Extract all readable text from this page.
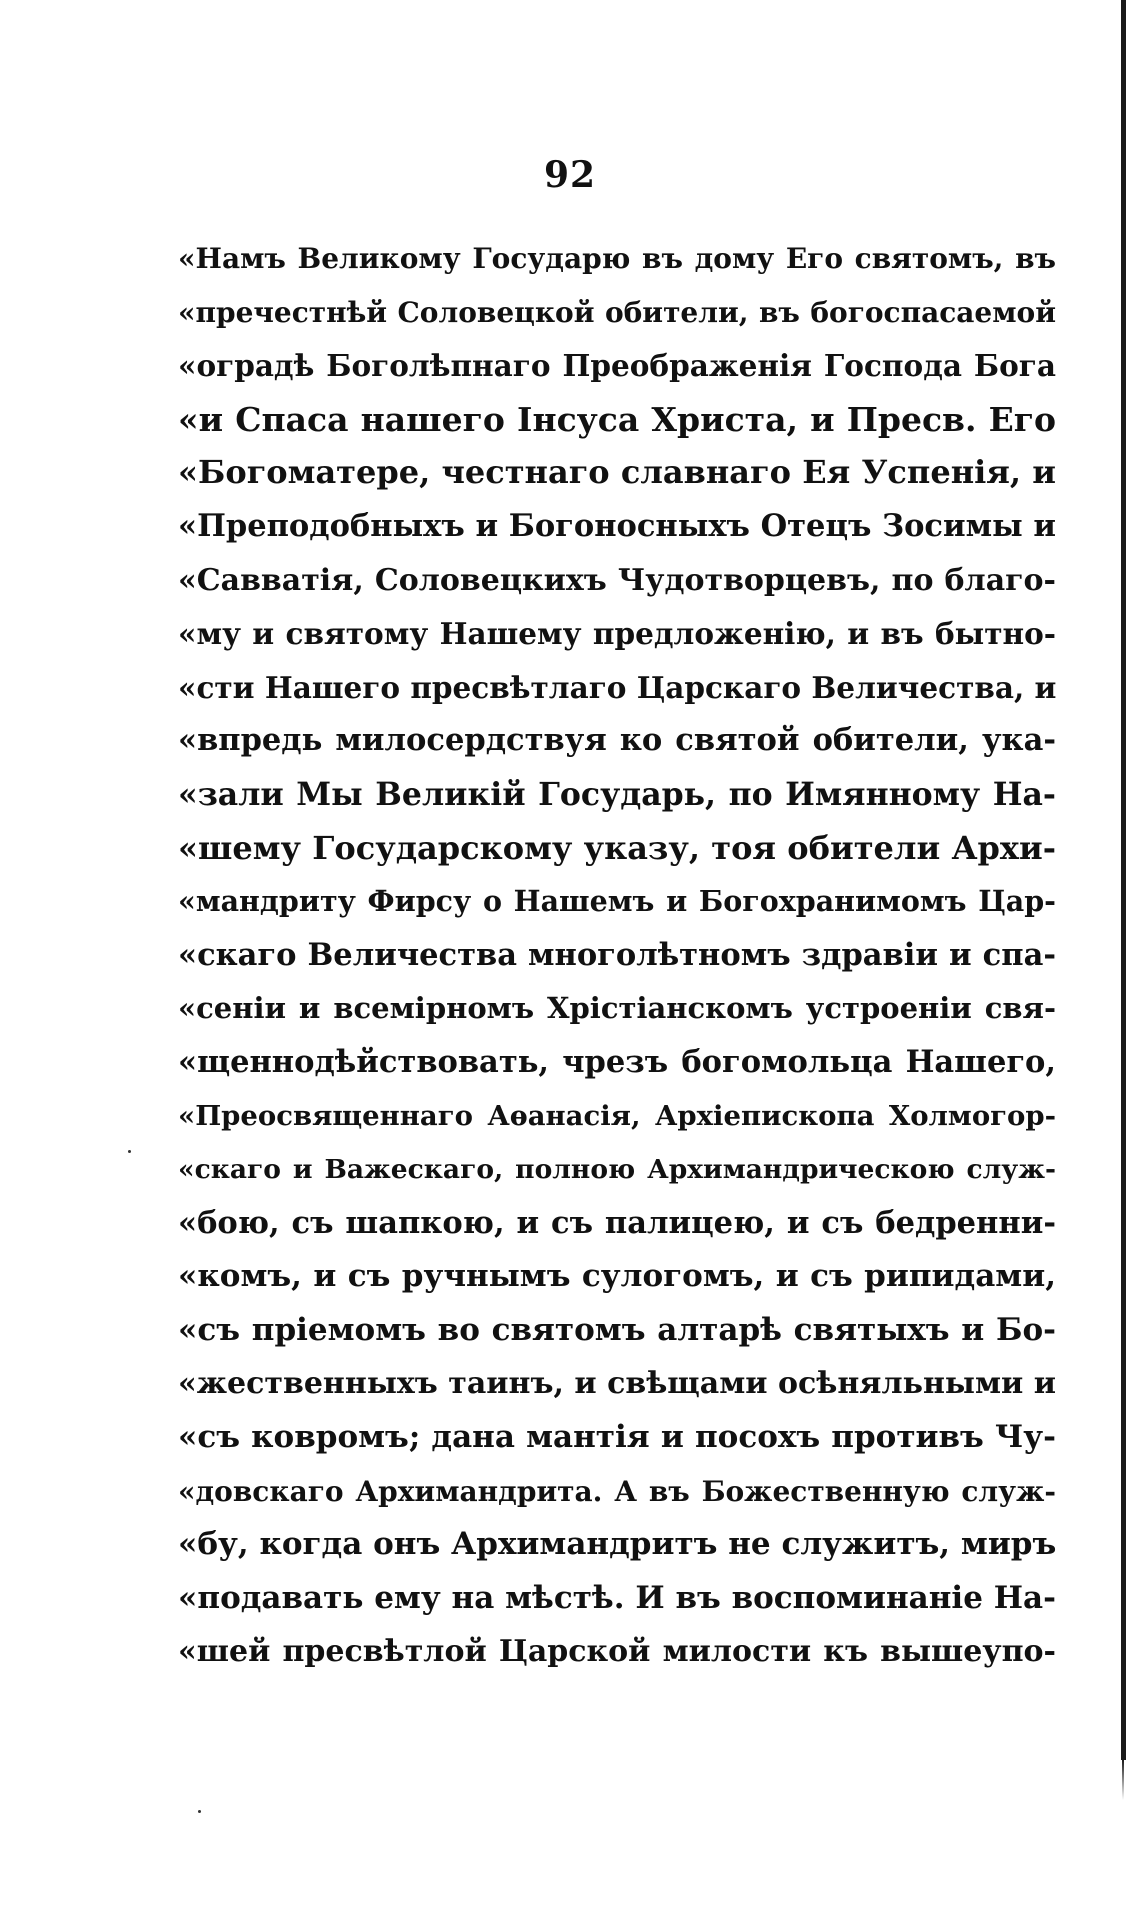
92
«Намъ Великому Государю въ дому Его святомъ, въ
«пречестнѣй Соловецкой обители, въ богоспасаемой
«оградѣ Боголѣпнаго Преображенія Господа Бога
«и Спаса нашего Інсуса Христа, и Пресв. Его
«Богоматере, честнаго славнаго Ея Успенія, и
«Преподобныхъ и Богоносныхъ Отецъ Зосимы и
«Савватія, Соловецкихъ Чудотворцевъ, по благо-
«му и святому Нашему предложенію, и въ бытно-
«сти Нашего пресвѣтлаго Царскаго Величества, и
«впредь милосердствуя ко святой обители, ука-
«зали Мы Великій Государь, по Имянному На-
«шему Государскому указу, тоя обители Архи-
«мандриту Фирсу о Нашемъ и Богохранимомъ Цар-
«скаго Величества многолѣтномъ здравіи и спа-
«сеніи и всемірномъ Хрістіанскомъ устроеніи свя-
«щеннодѣйствовать, чрезъ богомольца Нашего,
«Преосвященнаго Аѳанасія, Архіепископа Холмогор-
«скаго и Важескаго, полною Архимандрическою служ-
«бою, съ шапкою, и съ палицею, и съ бедренни-
«комъ, и съ ручнымъ сулогомъ, и съ рипидами,
«съ пріемомъ во святомъ алтарѣ святыхъ и Бо-
«жественныхъ таинъ, и свѣщами осѣняльными и
«съ ковромъ; дана мантія и посохъ противъ Чу-
«довскаго Архимандрита. А въ Божественную служ-
«бу, когда онъ Архимандритъ не служитъ, миръ
«подавать ему на мѣстѣ. И въ воспоминаніе На-
«шей пресвѣтлой Царской милости къ вышеупо-
